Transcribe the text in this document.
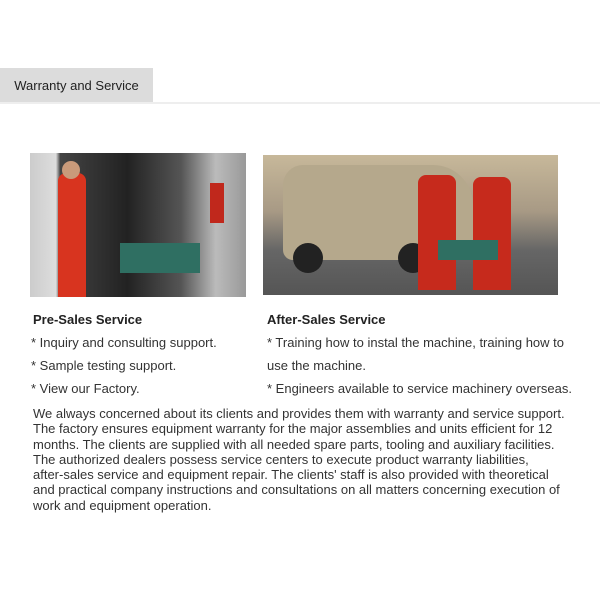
Warranty and Service
Pre-Sales Service
* Inquiry and consulting support.
* Sample testing support.
* View our Factory.
After-Sales Service
* Training how to instal the machine, training how to
use the machine.
* Engineers available to service machinery overseas.
We always concerned about its clients and provides them with warranty and service support.
The factory ensures equipment warranty for the major assemblies and units efficient for 12
months. The clients are supplied with all needed spare parts, tooling and auxiliary facilities.
The authorized dealers possess service centers to execute product warranty liabilities,
after-sales service and equipment repair. The clients' staff is also provided with theoretical
and practical company instructions and consultations on all matters concerning execution of
work and equipment operation.
